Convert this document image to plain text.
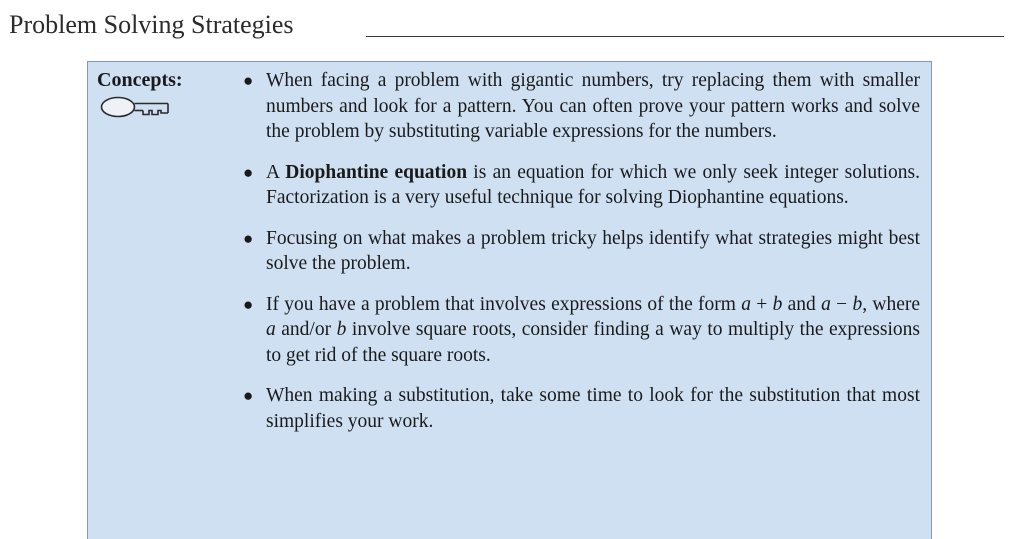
Problem Solving Strategies
Concepts:	● When facing a problem with gigantic numbers, try replacing them with smaller numbers and look for a pattern. You can often prove your pattern works and solve the problem by substituting variable expressions for the numbers.
● A Diophantine equation is an equation for which we only seek integer solutions. Factorization is a very useful technique for solving Diophantine equations.
● Focusing on what makes a problem tricky helps identify what strategies might best solve the problem.
● If you have a problem that involves expressions of the form a + b and a − b, where a and/or b involve square roots, consider finding a way to multiply the expressions to get rid of the square roots.
● When making a substitution, take some time to look for the substitution that most simplifies your work.
